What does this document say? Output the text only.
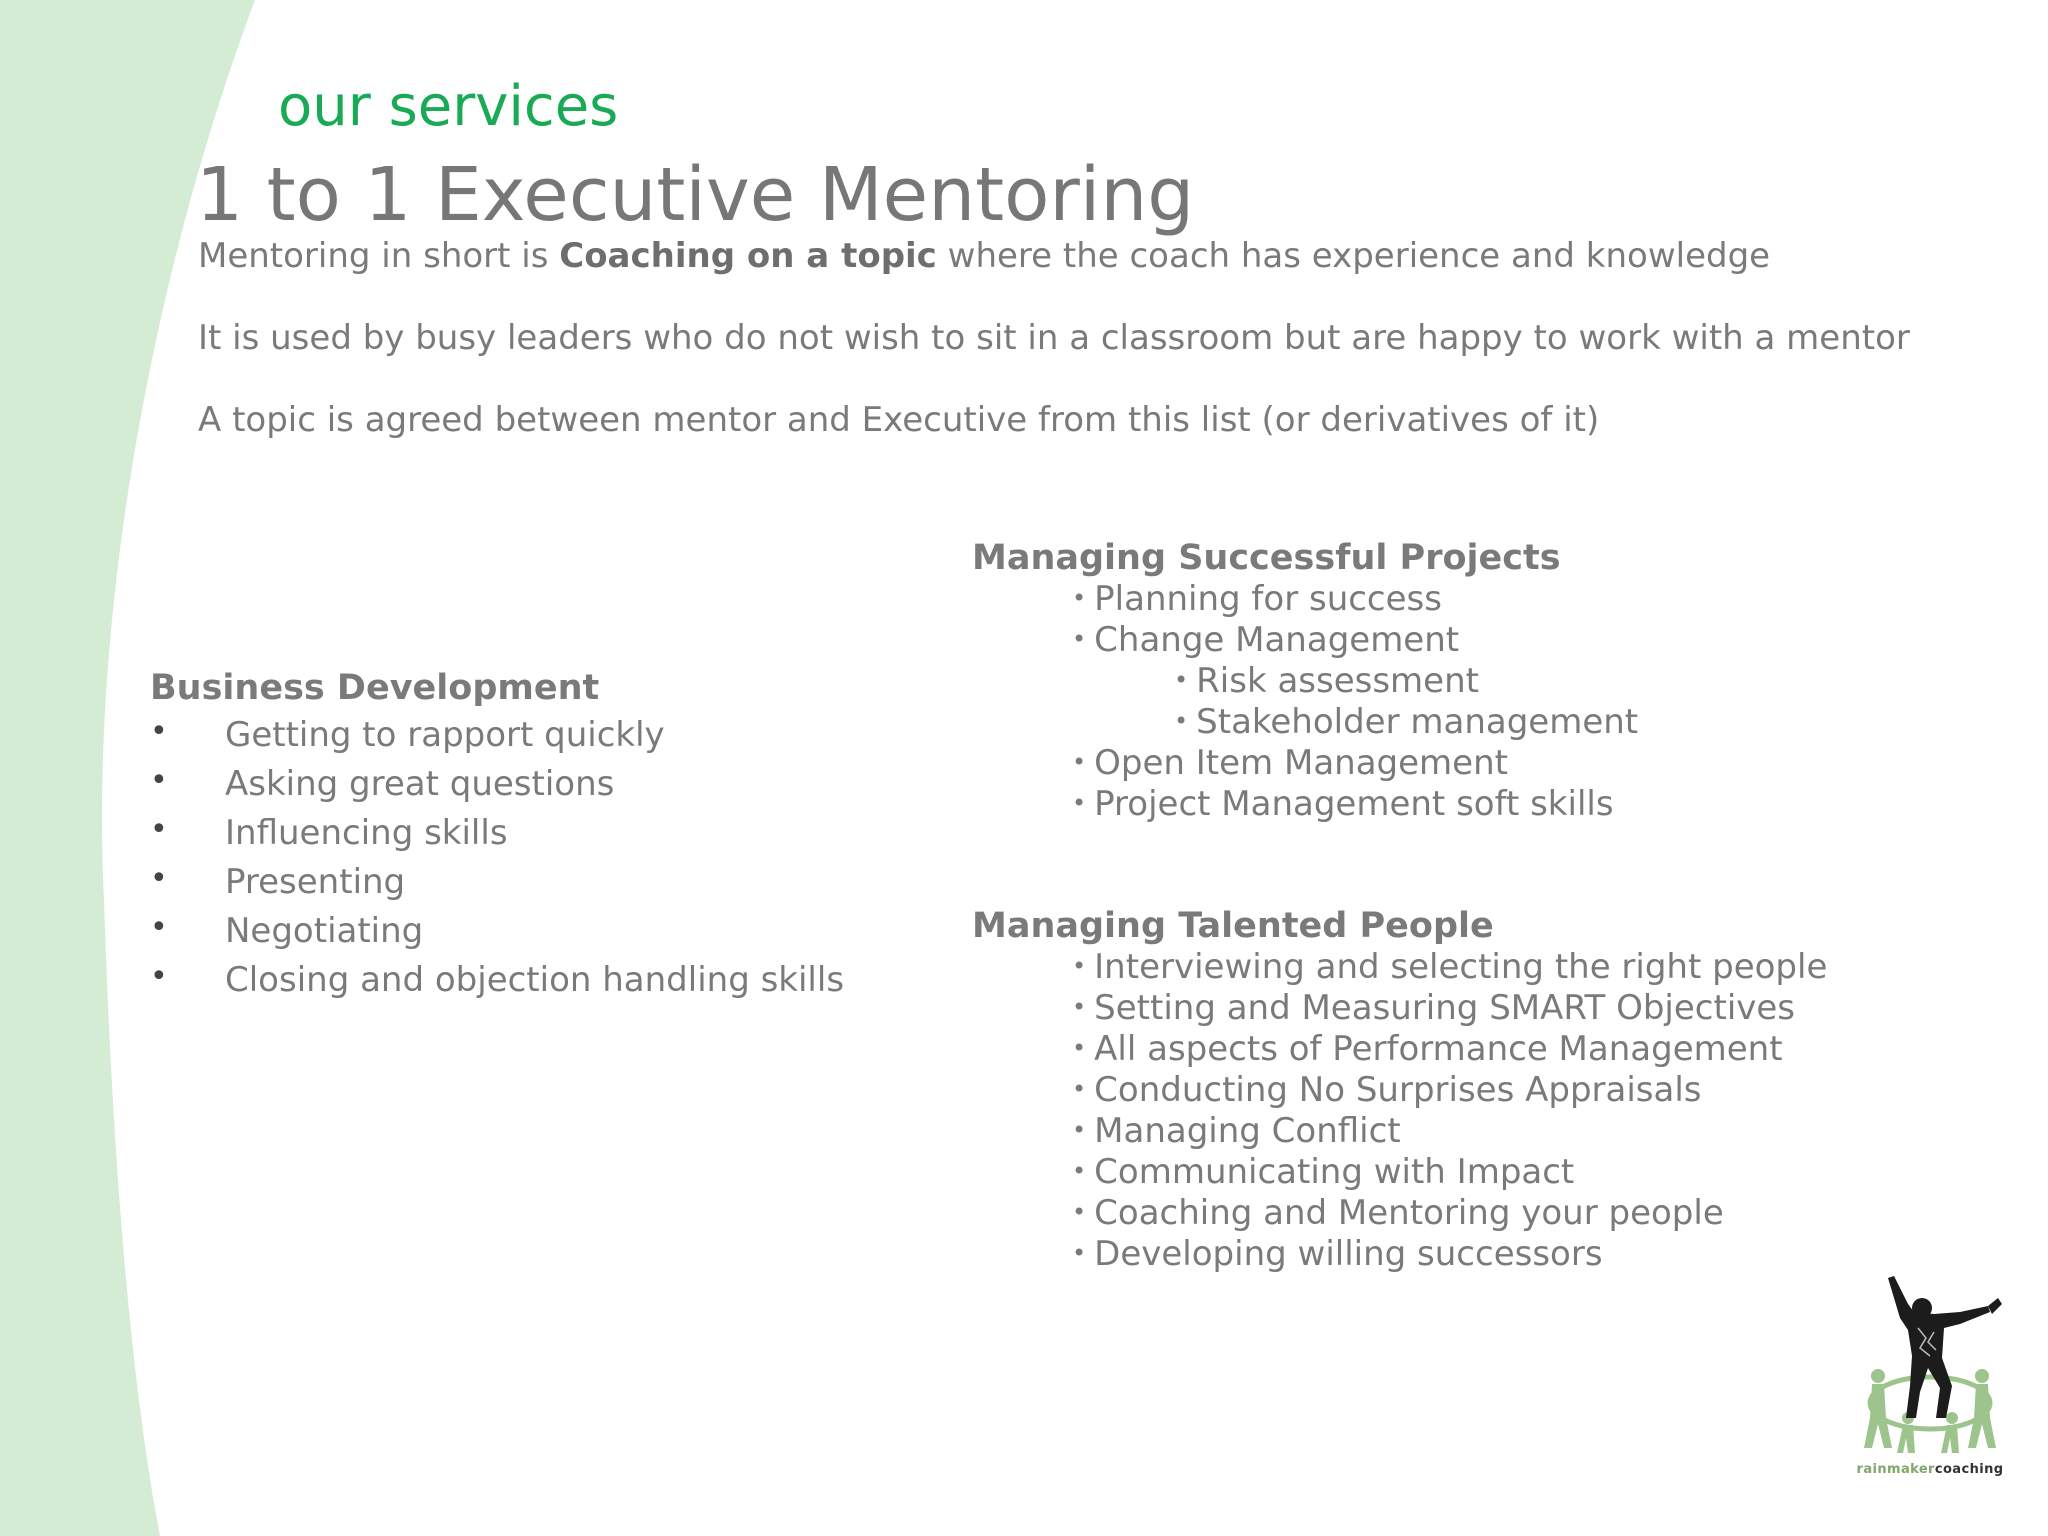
our services
1 to 1 Executive Mentoring
Mentoring in short is Coaching on a topic where the coach has experience and knowledge
It is used by busy leaders who do not wish to sit in a classroom but are happy to work with a mentor
A topic is agreed between mentor and Executive from this list (or derivatives of it)
Business Development
• Getting to rapport quickly
• Asking great questions
• Influencing skills
• Presenting
• Negotiating
• Closing and objection handling skills
Managing Successful Projects
• Planning for success
• Change Management
• Risk assessment
• Stakeholder management
• Open Item Management
• Project Management soft skills
Managing Talented People
• Interviewing and selecting the right people
• Setting and Measuring SMART Objectives
• All aspects of Performance Management
• Conducting No Surprises Appraisals
• Managing Conflict
• Communicating with Impact
• Coaching and Mentoring your people
• Developing willing successors
rainmakercoaching
